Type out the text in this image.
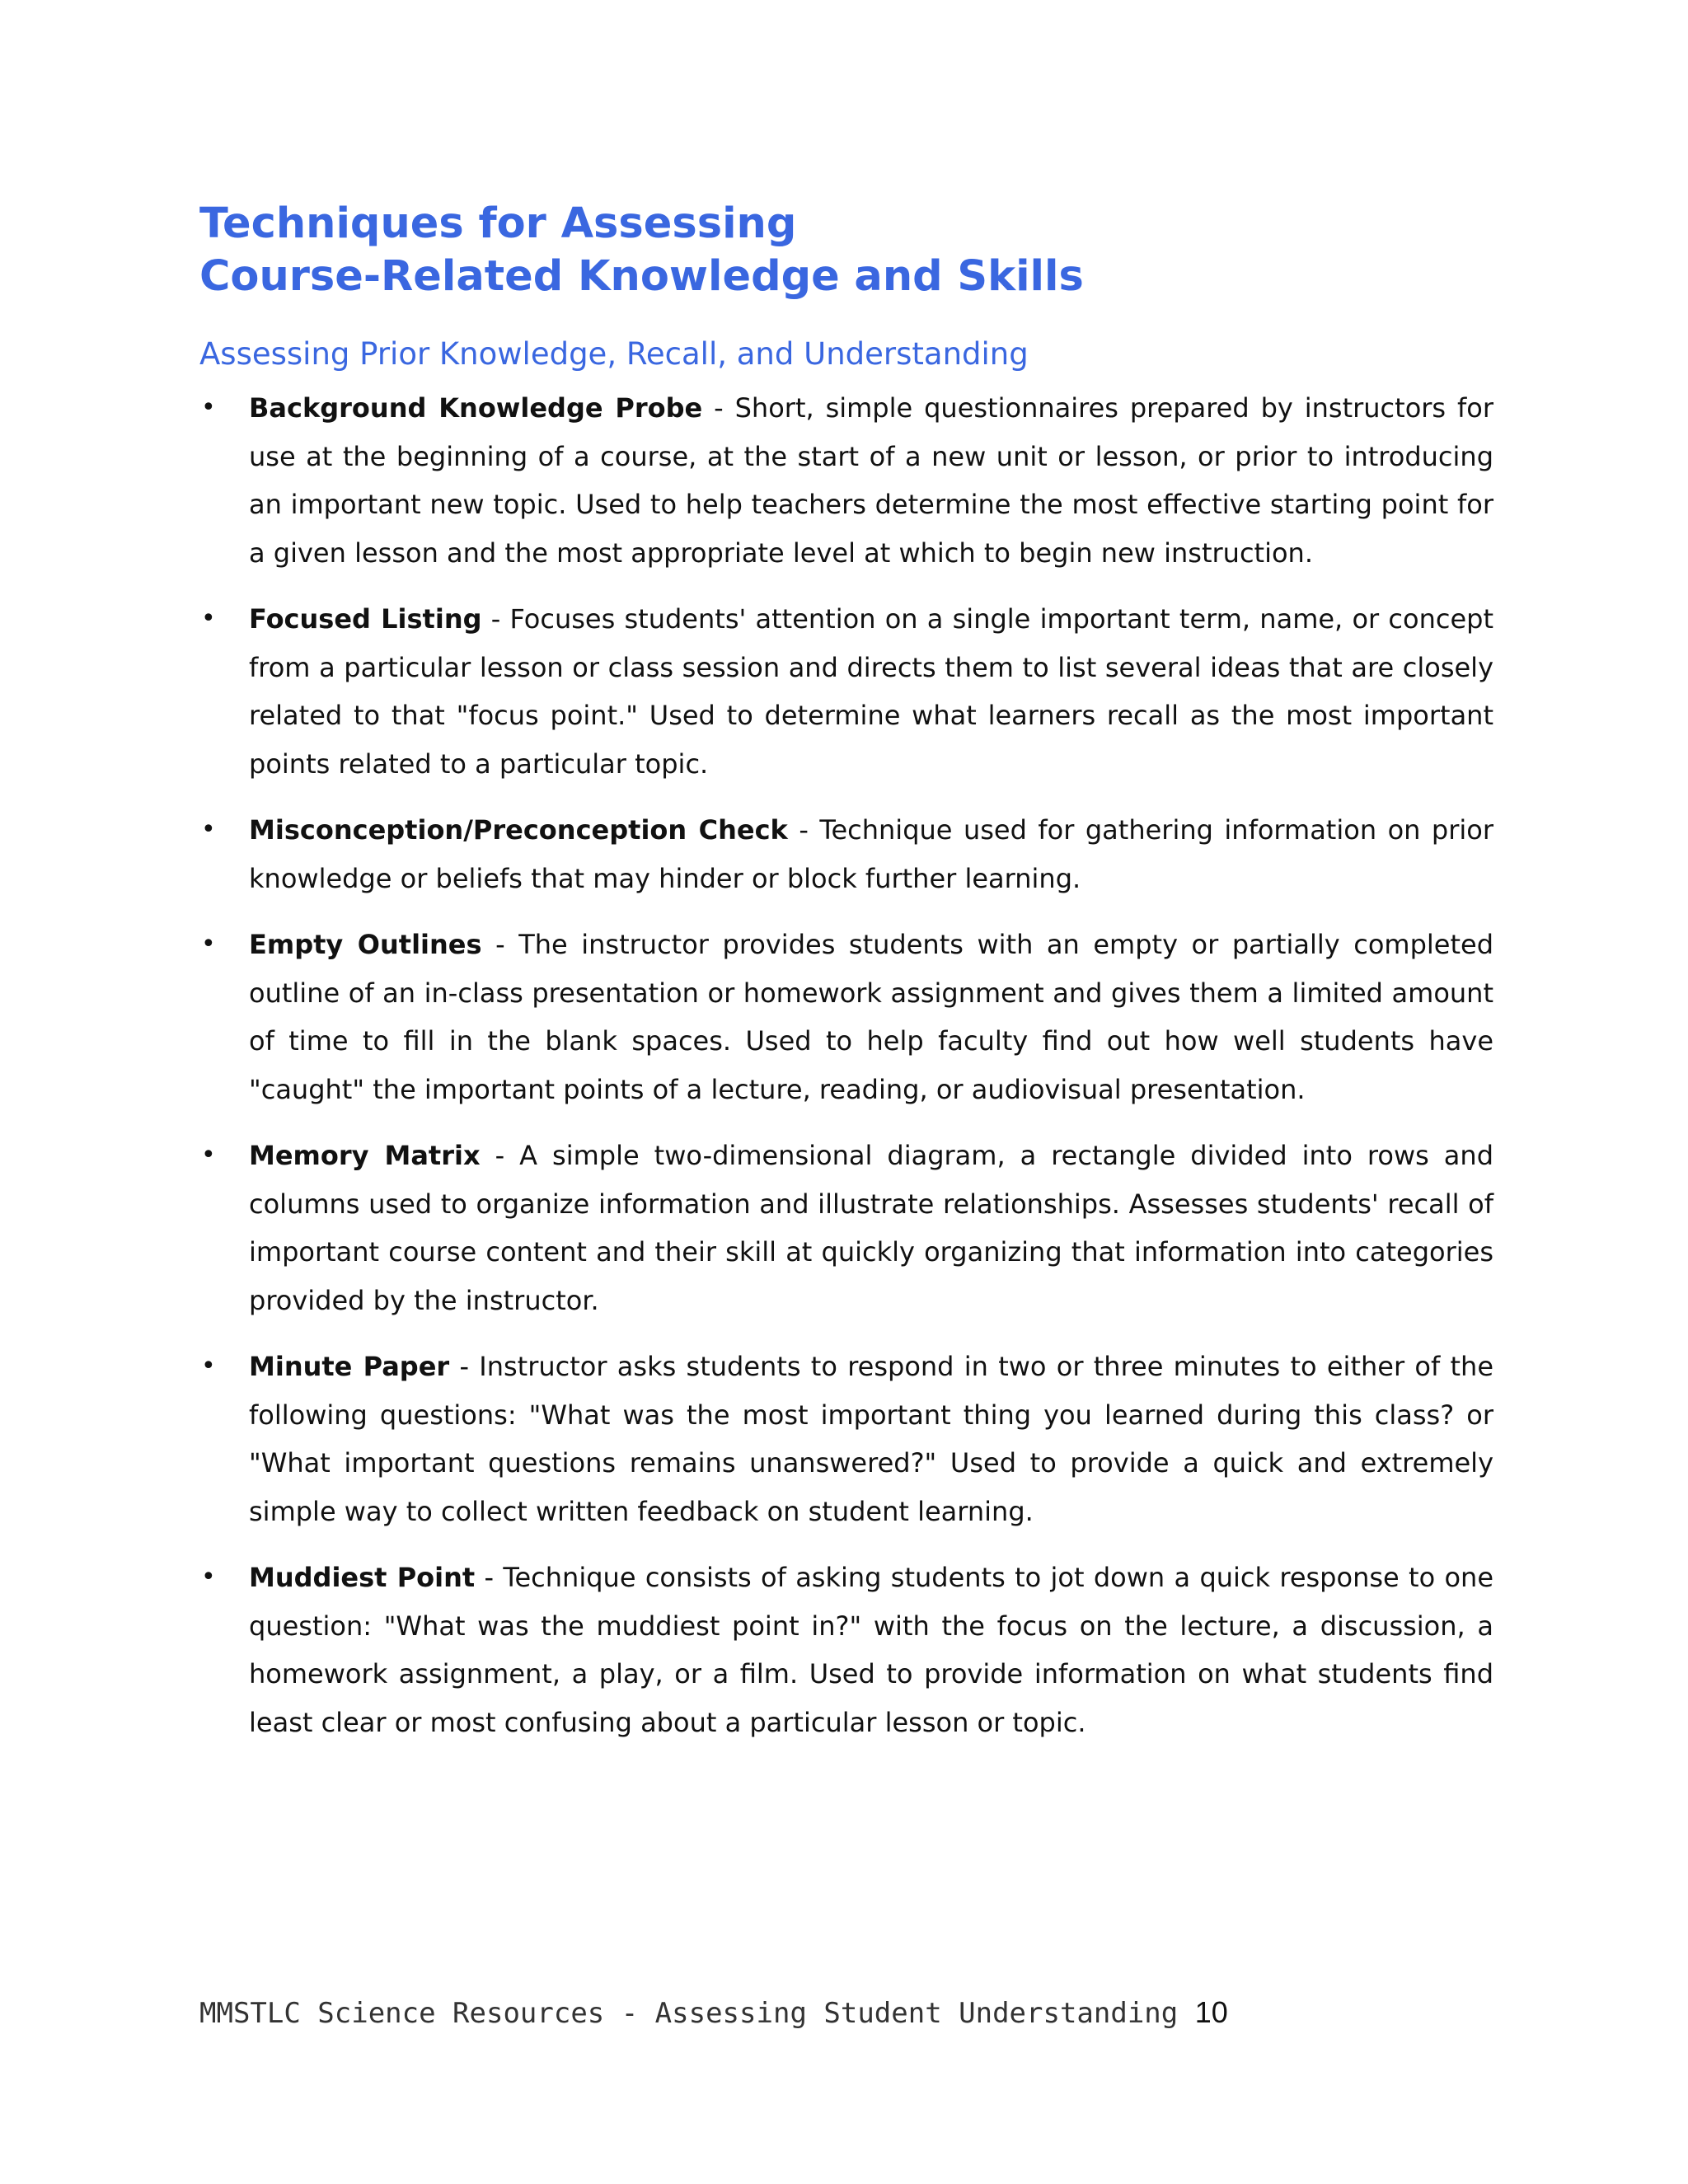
Techniques for Assessing
Course-Related Knowledge and Skills
Assessing Prior Knowledge, Recall, and Understanding
• Background Knowledge Probe - Short, simple questionnaires prepared by instructors for use at the beginning of a course, at the start of a new unit or lesson, or prior to introducing an important new topic. Used to help teachers determine the most effective starting point for a given lesson and the most appropriate level at which to begin new instruction.
• Focused Listing - Focuses students' attention on a single important term, name, or concept from a particular lesson or class session and directs them to list several ideas that are closely related to that "focus point." Used to determine what learners recall as the most important points related to a particular topic.
• Misconception/Preconception Check - Technique used for gathering information on prior knowledge or beliefs that may hinder or block further learning.
• Empty Outlines - The instructor provides students with an empty or partially completed outline of an in-class presentation or homework assignment and gives them a limited amount of time to fill in the blank spaces. Used to help faculty find out how well students have "caught" the important points of a lecture, reading, or audiovisual presentation.
• Memory Matrix - A simple two-dimensional diagram, a rectangle divided into rows and columns used to organize information and illustrate relationships. Assesses students' recall of important course content and their skill at quickly organizing that information into categories provided by the instructor.
• Minute Paper - Instructor asks students to respond in two or three minutes to either of the following questions: "What was the most important thing you learned during this class? or "What important questions remains unanswered?" Used to provide a quick and extremely simple way to collect written feedback on student learning.
• Muddiest Point - Technique consists of asking students to jot down a quick response to one question: "What was the muddiest point in?" with the focus on the lecture, a discussion, a homework assignment, a play, or a film. Used to provide information on what students find least clear or most confusing about a particular lesson or topic.
MMSTLC Science Resources - Assessing Student Understanding 10
